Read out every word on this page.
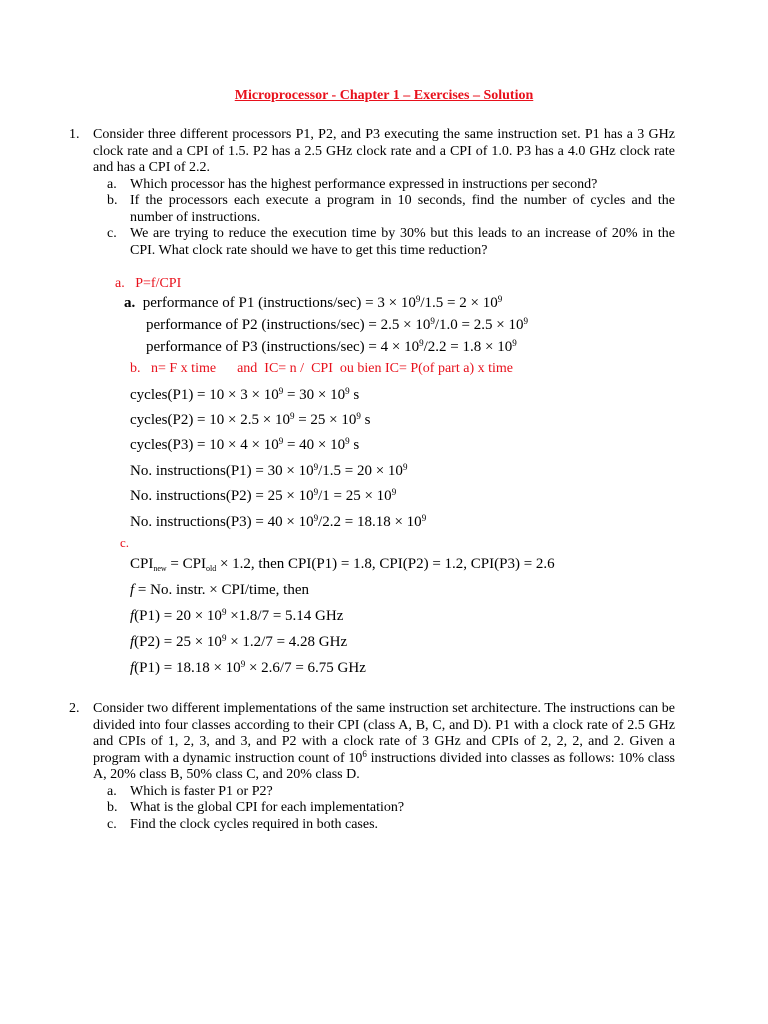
Microprocessor - Chapter 1 – Exercises – Solution
1. Consider three different processors P1, P2, and P3 executing the same instruction set. P1 has a 3 GHz clock rate and a CPI of 1.5. P2 has a 2.5 GHz clock rate and a CPI of 1.0. P3 has a 4.0 GHz clock rate and has a CPI of 2.2.
a. Which processor has the highest performance expressed in instructions per second?
b. If the processors each execute a program in 10 seconds, find the number of cycles and the number of instructions.
c. We are trying to reduce the execution time by 30% but this leads to an increase of 20% in the CPI. What clock rate should we have to get this time reduction?
a. P=f/CPI
a. performance of P1 (instructions/sec) = $3 \times 10^9/1.5 = 2 \times 10^9$
performance of P2 (instructions/sec) = $2.5 \times 10^9/1.0 = 2.5 \times 10^9$
performance of P3 (instructions/sec) = $4 \times 10^9/2.2 = 1.8 \times 10^9$
b.   n= F x time      and  IC= n /  CPI  ou bien IC= P(of part a) x time
cycles(P1) = $10 \times 3 \times 10^9 = 30 \times 10^9$ s
cycles(P2) = $10 \times 2.5 \times 10^9 = 25 \times 10^9$ s
cycles(P3) = $10 \times 4 \times 10^9 = 40 \times 10^9$ s
No. instructions(P1) = $30 \times 10^9/1.5 = 20 \times 10^9$
No. instructions(P2) = $25 \times 10^9/1 = 25 \times 10^9$
No. instructions(P3) = $40 \times 10^9/2.2 = 18.18 \times 10^9$
c.
$CPI_{new} = CPI_{old} \times 1.2$, then CPI(P1) = 1.8, CPI(P2) = 1.2, CPI(P3) = 2.6
f = No. instr. × CPI/time, then
$f(P1) = 20 \times 10^9 \times 1.8/7 = 5.14$ GHz
$f(P2) = 25 \times 10^9 \times 1.2/7 = 4.28$ GHz
$f(P1) = 18.18 \times 10^9 \times 2.6/7 = 6.75$ GHz
2. Consider two different implementations of the same instruction set architecture. The instructions can be divided into four classes according to their CPI (class A, B, C, and D). P1 with a clock rate of 2.5 GHz and CPIs of 1, 2, 3, and 3, and P2 with a clock rate of 3 GHz and CPIs of 2, 2, 2, and 2. Given a program with a dynamic instruction count of $10^6$ instructions divided into classes as follows: 10% class A, 20% class B, 50% class C, and 20% class D.
a. Which is faster P1 or P2?
b. What is the global CPI for each implementation?
c. Find the clock cycles required in both cases.
